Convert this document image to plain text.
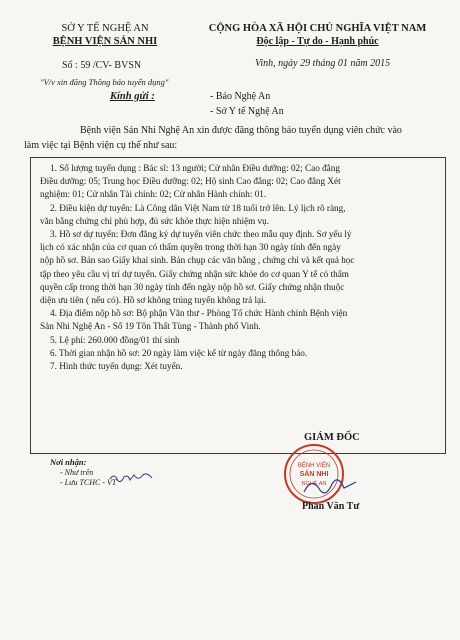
SỞ Y TẾ NGHỆ AN
BỆNH VIỆN SẢN NHI
CỘNG HÒA XÃ HỘI CHỦ NGHĨA VIỆT NAM
Độc lập - Tự do - Hạnh phúc
Số : 59 /CV- BVSN
"V/v xin đăng Thông báo tuyển dụng"
Vinh, ngày 29 tháng 01 năm 2015
Kính gửi :	- Báo Nghệ An
- Sở Y tế Nghệ An
Bệnh viện Sản Nhi Nghệ An xin được đăng thông báo tuyển dụng viên chức vào
làm việc tại Bệnh viện cụ thể như sau:
1. Số lượng tuyển dụng : Bác sĩ: 13 người; Cử nhân Điều dưỡng: 02; Cao đẳng
Điều dưỡng: 05; Trung học Điều dưỡng: 02; Hộ sinh Cao đẳng: 02; Cao đẳng Xét
nghiệm: 01; Cử nhân Tài chính: 02; Cử nhân Hành chính: 01.
2. Điều kiện dự tuyển: Là Công dân Việt Nam từ 18 tuổi trở lên. Lý lịch rõ ràng,
văn bằng chứng chỉ phù hợp, đủ sức khỏe thực hiện nhiệm vụ.
3. Hồ sơ dự tuyển: Đơn đăng ký dự tuyển viên chức theo mẫu quy định. Sơ yếu lý
lịch có xác nhận của cơ quan có thẩm quyền trong thời hạn 30 ngày tính đến ngày
nộp hồ sơ. Bản sao Giấy khai sinh. Bản chụp các văn bằng , chứng chỉ và kết quả học
tập theo yêu cầu vị trí dự tuyển. Giấy chứng nhận sức khỏe do cơ quan Y tế có thẩm
quyền cấp trong thời hạn 30 ngày tính đến ngày nộp hồ sơ. Giấy chứng nhận thuộc
diện ưu tiên ( nếu có). Hồ sơ không trúng tuyển không trả lại.
4. Địa điểm nộp hồ sơ: Bộ phận Văn thư - Phòng Tổ chức Hành chính Bệnh viện
Sản Nhi Nghệ An - Số 19 Tôn Thất Tùng - Thành phố Vinh.
5. Lệ phí: 260.000 đồng/01 thí sinh
6. Thời gian nhận hồ sơ: 20 ngày làm việc kể từ ngày đăng thông báo.
7. Hình thức tuyển dụng: Xét tuyển.
Nơi nhận:
- Như trên
- Lưu TCHC - VT
GIÁM ĐỐC
BỆNH VIỆN
SẢN NHI
NGHỆ AN
Phan Văn Tư
